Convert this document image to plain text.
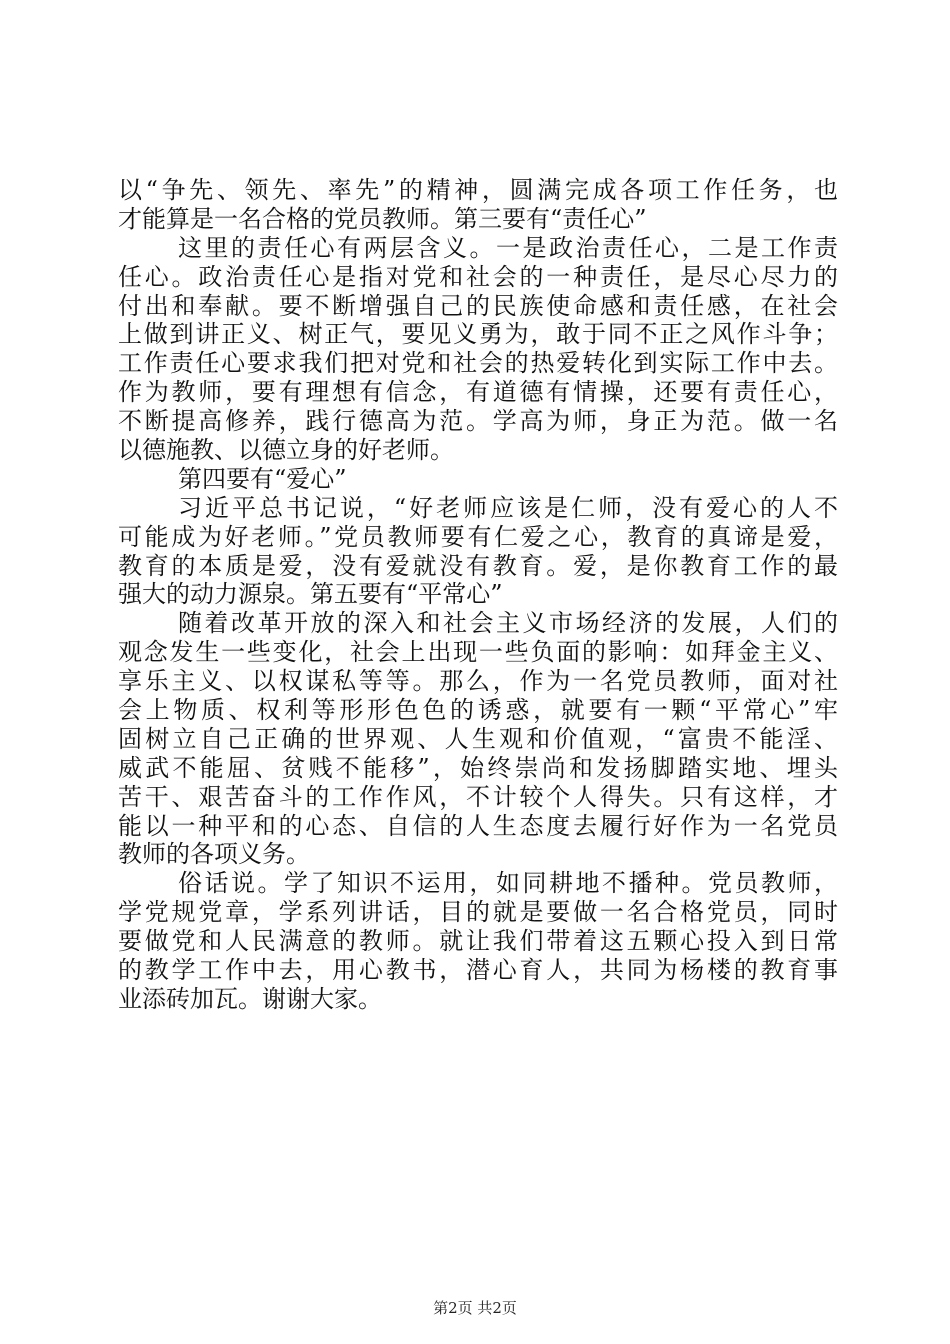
以“争先、领先、率先”的精神，圆满完成各项工作任务，也
才能算是一名合格的党员教师。第三要有“责任心”
这里的责任心有两层含义。一是政治责任心，二是工作责
任心。政治责任心是指对党和社会的一种责任，是尽心尽力的
付出和奉献。要不断增强自己的民族使命感和责任感，在社会
上做到讲正义、树正气，要见义勇为，敢于同不正之风作斗争；
工作责任心要求我们把对党和社会的热爱转化到实际工作中去。
作为教师，要有理想有信念，有道德有情操，还要有责任心，
不断提高修养，践行德高为范。学高为师，身正为范。做一名
以德施教、以德立身的好老师。
第四要有“爱心”
习近平总书记说，“好老师应该是仁师，没有爱心的人不
可能成为好老师。”党员教师要有仁爱之心，教育的真谛是爱，
教育的本质是爱，没有爱就没有教育。爱，是你教育工作的最
强大的动力源泉。第五要有“平常心”
随着改革开放的深入和社会主义市场经济的发展，人们的
观念发生一些变化，社会上出现一些负面的影响：如拜金主义、
享乐主义、以权谋私等等。那么，作为一名党员教师，面对社
会上物质、权利等形形色色的诱惑，就要有一颗“平常心”牢
固树立自己正确的世界观、人生观和价值观，“富贵不能淫、
威武不能屈、贫贱不能移”，始终崇尚和发扬脚踏实地、埋头
苦干、艰苦奋斗的工作作风，不计较个人得失。只有这样，才
能以一种平和的心态、自信的人生态度去履行好作为一名党员
教师的各项义务。
俗话说。学了知识不运用，如同耕地不播种。党员教师，
学党规党章，学系列讲话，目的就是要做一名合格党员，同时
要做党和人民满意的教师。就让我们带着这五颗心投入到日常
的教学工作中去，用心教书，潜心育人，共同为杨楼的教育事
业添砖加瓦。谢谢大家。
第2页 共2页
